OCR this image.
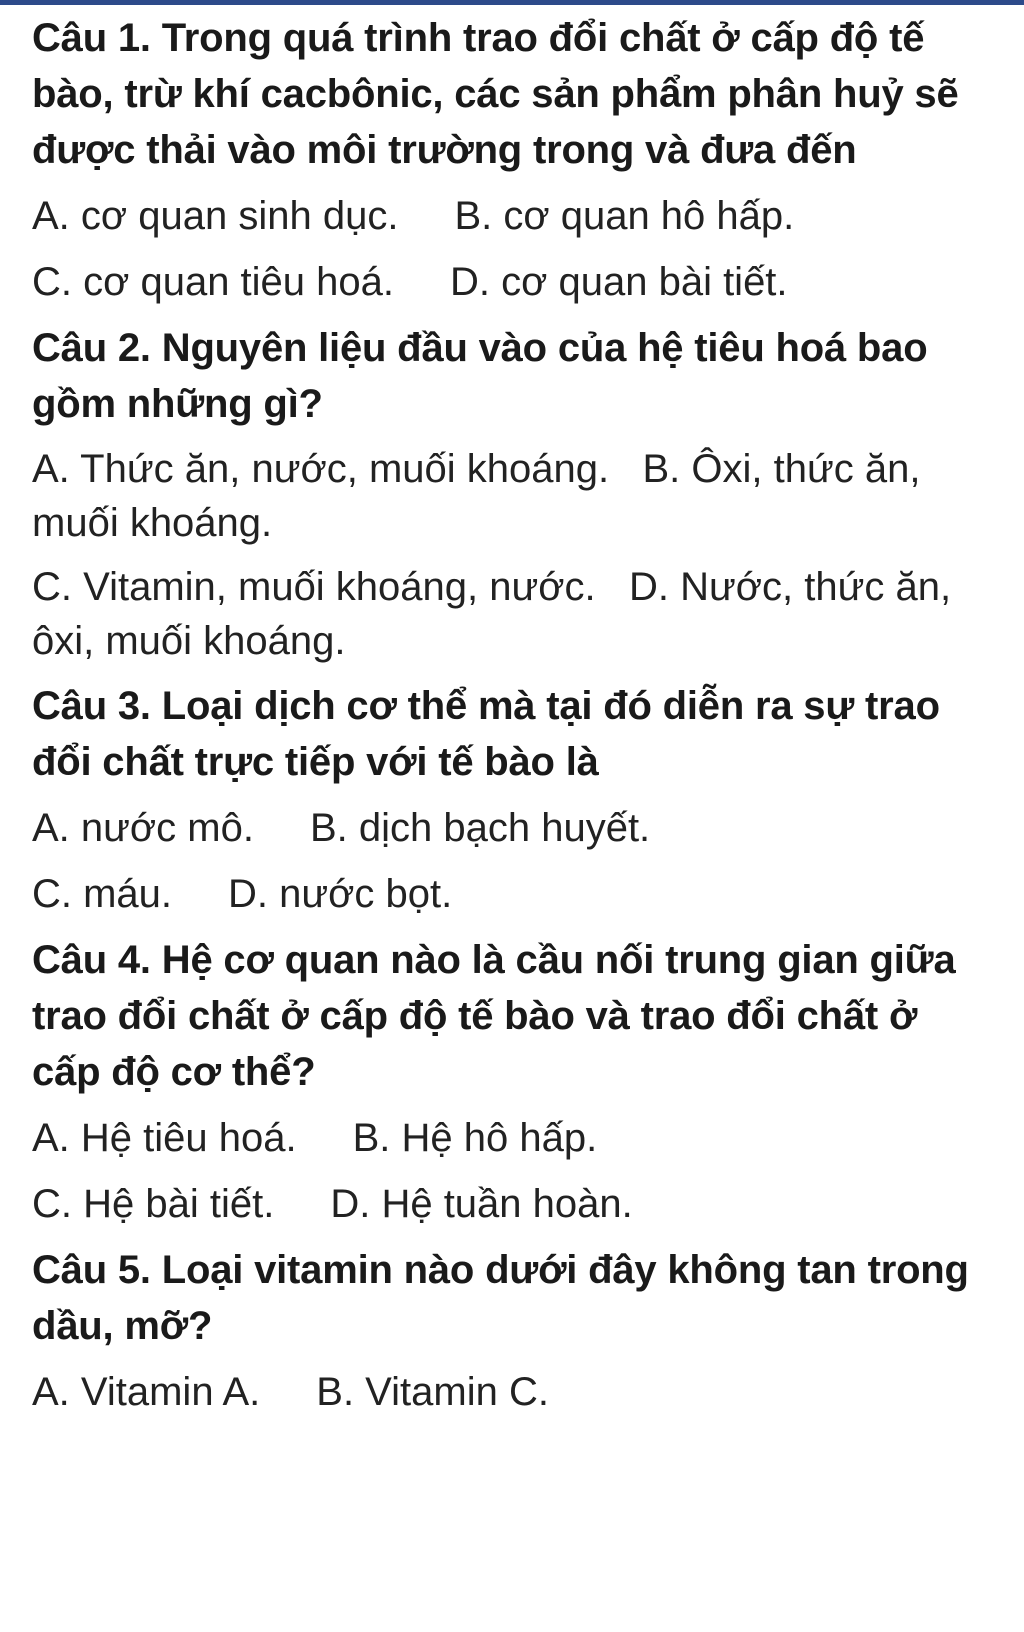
Câu 1. Trong quá trình trao đổi chất ở cấp độ tế bào, trừ khí cacbônic, các sản phẩm phân huỷ sẽ được thải vào môi trường trong và đưa đến

A. cơ quan sinh dục. B. cơ quan hô hấp.
C. cơ quan tiêu hoá. D. cơ quan bài tiết.

Câu 2. Nguyên liệu đầu vào của hệ tiêu hoá bao gồm những gì?

A. Thức ăn, nước, muối khoáng. B. Ôxi, thức ăn, muối khoáng.
C. Vitamin, muối khoáng, nước. D. Nước, thức ăn, ôxi, muối khoáng.

Câu 3. Loại dịch cơ thể mà tại đó diễn ra sự trao đổi chất trực tiếp với tế bào là

A. nước mô. B. dịch bạch huyết.
C. máu. D. nước bọt.

Câu 4. Hệ cơ quan nào là cầu nối trung gian giữa trao đổi chất ở cấp độ tế bào và trao đổi chất ở cấp độ cơ thể?

A. Hệ tiêu hoá. B. Hệ hô hấp.
C. Hệ bài tiết. D. Hệ tuần hoàn.

Câu 5. Loại vitamin nào dưới đây không tan trong dầu, mỡ?

A. Vitamin A. B. Vitamin C.
